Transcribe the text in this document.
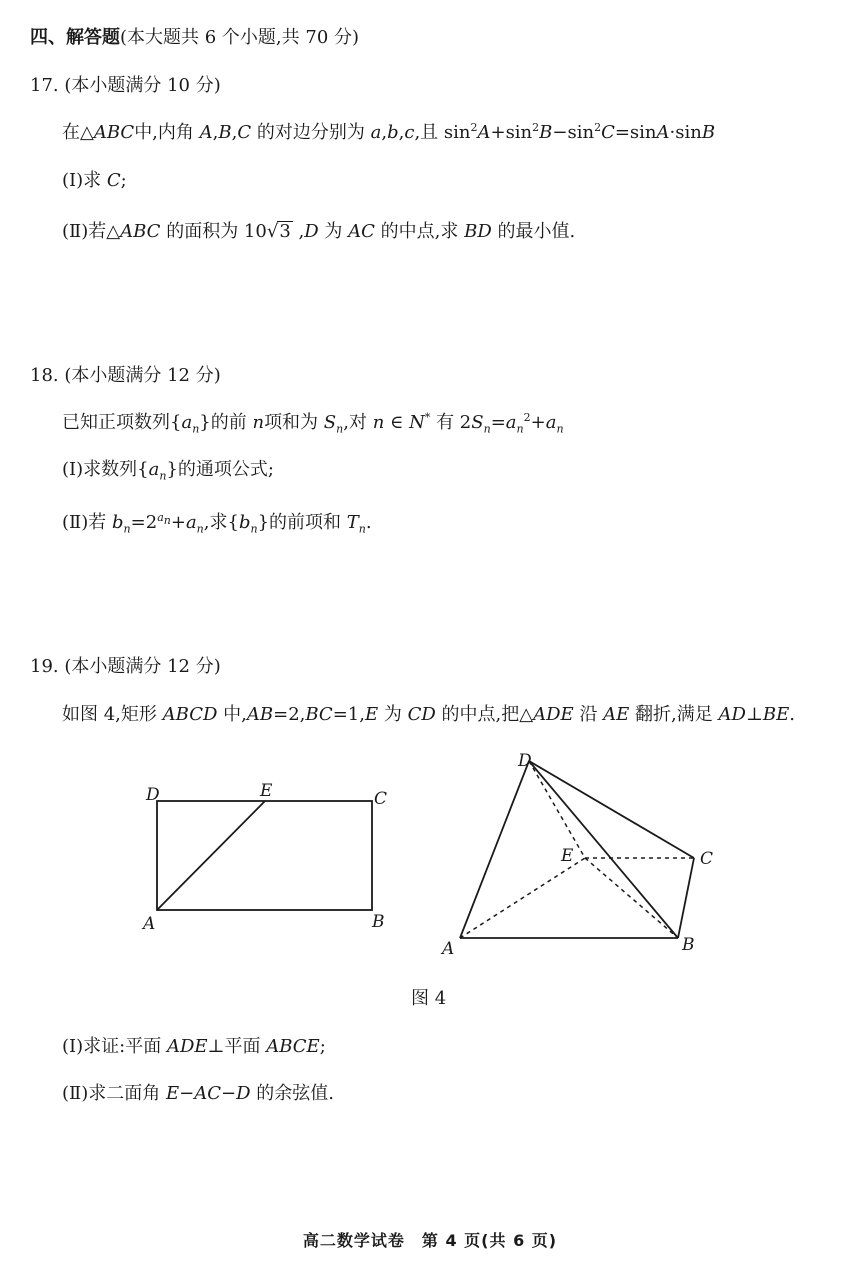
四、解答题(本大题共 6 个小题,共 70 分)
17. (本小题满分 10 分)
在△ABC中,内角 A,B,C 的对边分别为 a,b,c,且 $\sin^2A+\sin^2B-\sin^2C=\sin A\cdot\sin B$
(Ⅰ)求 C;
(Ⅱ)若△ABC 的面积为 10√3 ,D 为 AC 的中点,求 BD 的最小值.
18. (本小题满分 12 分)
已知正项数列$\{a_n\}$的前 n项和为 $S_n$,对 n ∈ N* 有 $2S_n=a_n^2+a_n$
(Ⅰ)求数列$\{a_n\}$的通项公式;
(Ⅱ)若 $b_n=2^{a_n}+a_n$,求$\{b_n\}$的前项和 $T_n$.
19. (本小题满分 12 分)
如图 4,矩形 ABCD 中,AB=2,BC=1,E 为 CD 的中点,把△ADE 沿 AE 翻折,满足 AD⊥BE.
D	E	C
A	B
D
E	C
A	B
图 4
(Ⅰ)求证:平面 ADE⊥平面 ABCE;
(Ⅱ)求二面角 E−AC−D 的余弦值.
高二数学试卷　第 4 页(共 6 页)
